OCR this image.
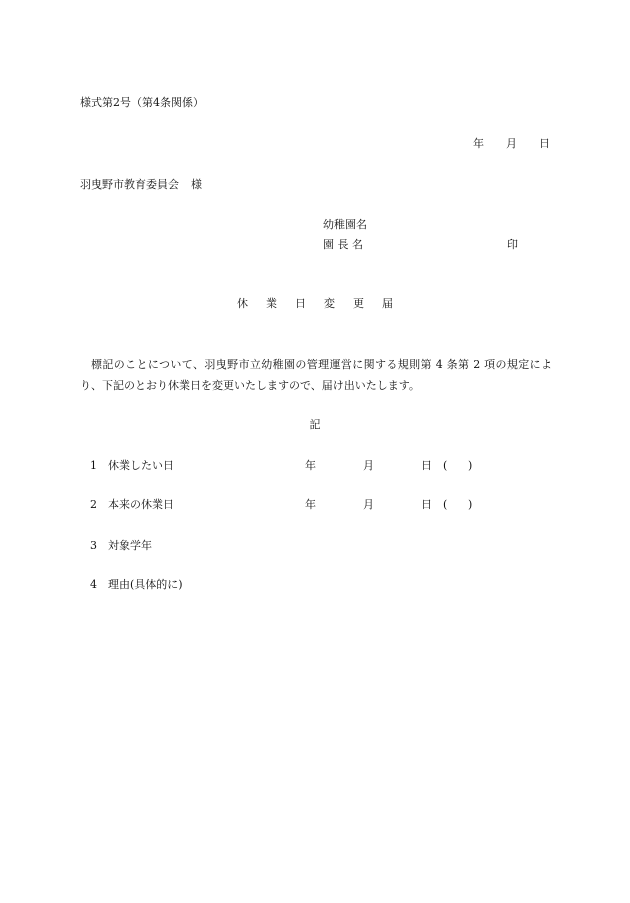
様式第2号（第4条関係）
年 月 日
羽曳野市教育委員会 様
幼稚園名
園 長 名	印
休業日変更届
標記のことについて、羽曳野市立幼稚園の管理運営に関する規則第 4 条第 2 項の規定により、下記のとおり休業日を変更いたしますので、届け出いたします。
記
1 休業したい日	年	月	日 ( )
2 本来の休業日	年	月	日 ( )
3 対象学年
4 理由(具体的に)
